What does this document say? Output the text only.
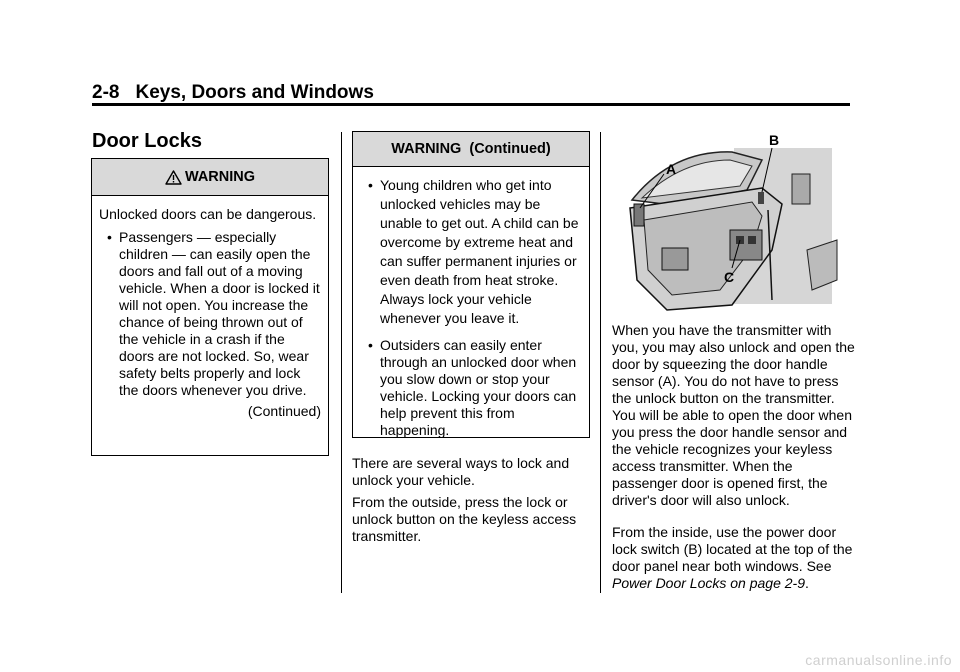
2-8 Keys, Doors and Windows
Door Locks
WARNING

Unlocked doors can be dangerous.

• Passengers — especially children — can easily open the doors and fall out of a moving vehicle. When a door is locked it will not open. You increase the chance of being thrown out of the vehicle in a crash if the doors are not locked. So, wear safety belts properly and lock the doors whenever you drive.
(Continued)
WARNING  (Continued)
• Young children who get into unlocked vehicles may be unable to get out. A child can be overcome by extreme heat and can suffer permanent injuries or even death from heat stroke. Always lock your vehicle whenever you leave it.
• Outsiders can easily enter through an unlocked door when you slow down or stop your vehicle. Locking your doors can help prevent this from happening.

There are several ways to lock and unlock your vehicle.

From the outside, press the lock or unlock button on the keyless access transmitter.

A
B
C

When you have the transmitter with you, you may also unlock and open the door by squeezing the door handle sensor (A). You do not have to press the unlock button on the transmitter. You will be able to open the door when you press the door handle sensor and the vehicle recognizes your keyless access transmitter. When the passenger door is opened first, the driver's door will also unlock.

From the inside, use the power door lock switch (B) located at the top of the door panel near both windows. See Power Door Locks on page 2-9.

carmanualsonline.info
